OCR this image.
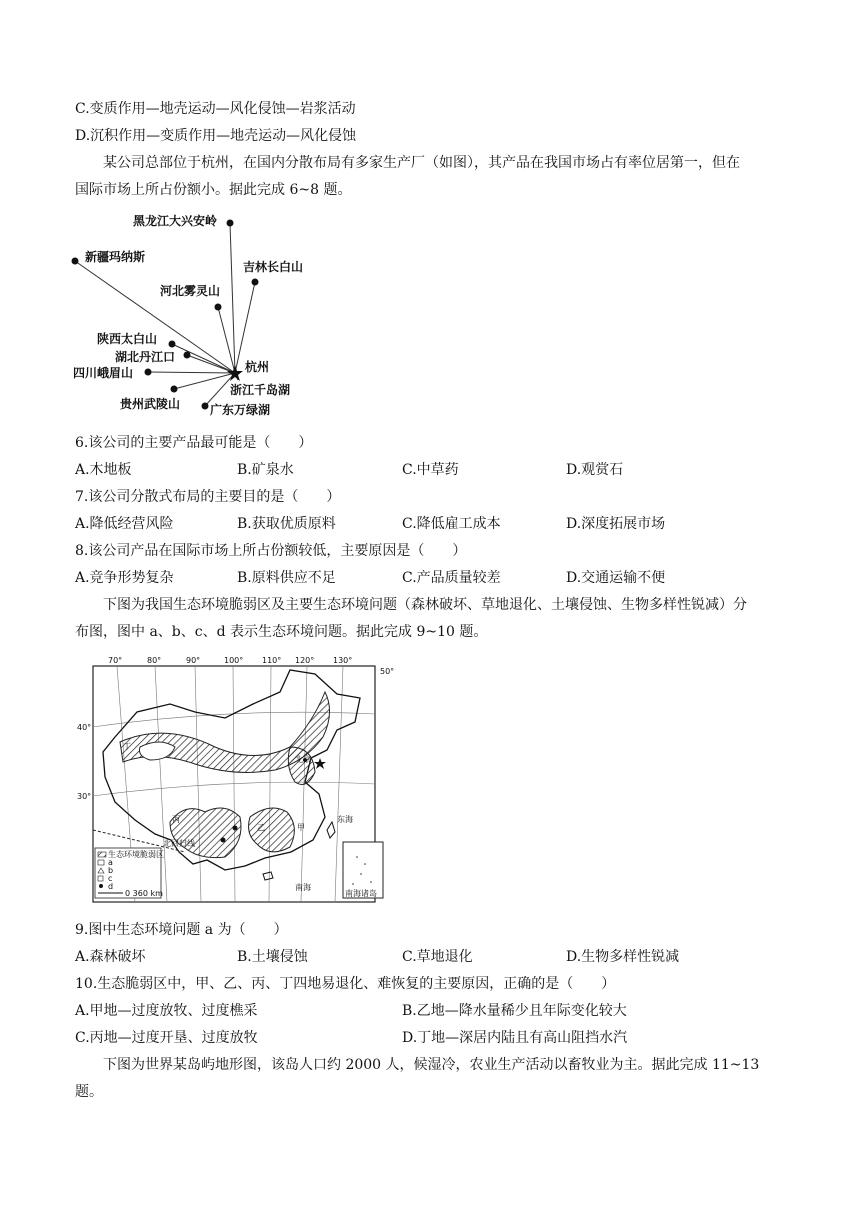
C.变质作用—地壳运动—风化侵蚀—岩浆活动
D.沉积作用—变质作用—地壳运动—风化侵蚀
某公司总部位于杭州，在国内分散布局有多家生产厂（如图），其产品在我国市场占有率位居第一，但在
国际市场上所占份额小。据此完成 6~8 题。
黑龙江大兴安岭
新疆玛纳斯
吉林长白山
河北雾灵山
陕西太白山
湖北丹江口
四川峨眉山
贵州武陵山
浙江千岛湖
广东万绿湖
杭州
6.该公司的主要产品最可能是（　　）
A.木地板	B.矿泉水	C.中草药	D.观赏石
7.该公司分散式布局的主要目的是（　　）
A.降低经营风险	B.获取优质原料	C.降低雇工成本	D.深度拓展市场
8.该公司产品在国际市场上所占份额较低，主要原因是（　　）
A.竞争形势复杂	B.原料供应不足	C.产品质量较差	D.交通运输不便
下图为我国生态环境脆弱区及主要生态环境问题（森林破坏、草地退化、土壤侵蚀、生物多样性锐减）分
布图，图中 a、b、c、d 表示生态环境问题。据此完成 9~10 题。
生态环境脆弱区
a
b
c
d
0 360 km
70°	80°	90°	100° 110° 120° 130°
50°
40°
30°
北京
东海
南海
北回归线
南海诸岛
甲
乙
丙
丁
9.图中生态环境问题 a 为（　　）
A.森林破坏	B.土壤侵蚀	C.草地退化	D.生物多样性锐减
10.生态脆弱区中，甲、乙、丙、丁四地易退化、难恢复的主要原因，正确的是（　　）
A.甲地—过度放牧、过度樵采	B.乙地—降水量稀少且年际变化较大
C.丙地—过度开垦、过度放牧	D.丁地—深居内陆且有高山阻挡水汽
下图为世界某岛屿地形图，该岛人口约 2000 人，候湿冷，农业生产活动以畜牧业为主。据此完成 11~13
题。
